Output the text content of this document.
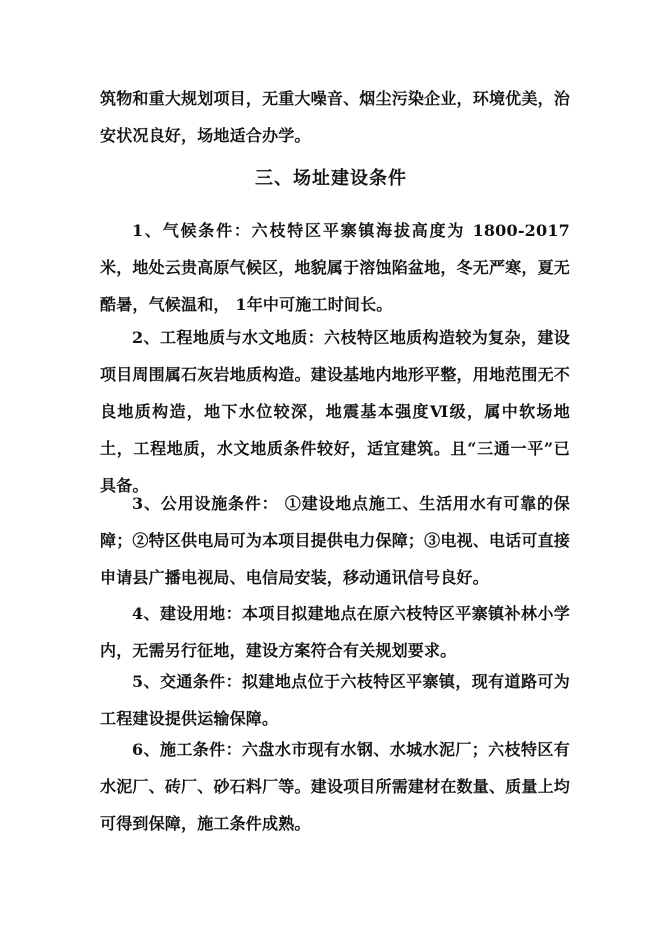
筑物和重大规划项目，无重大噪音、烟尘污染企业，环境优美，治安状况良好，场地适合办学。

三、场址建设条件

1、气候条件：六枝特区平寨镇海拔高度为 1800-2017米，地处云贵高原气候区，地貌属于溶蚀陷盆地，冬无严寒，夏无酷暑，气候温和， 1年中可施工时间长。

2、工程地质与水文地质：六枝特区地质构造较为复杂，建设项目周围属石灰岩地质构造。建设基地内地形平整，用地范围无不良地质构造，地下水位较深，地震基本强度Ⅵ级，属中软场地土，工程地质，水文地质条件较好，适宜建筑。且“三通一平”已具备。

3、公用设施条件： ①建设地点施工、生活用水有可靠的保障；②特区供电局可为本项目提供电力保障；③电视、电话可直接申请县广播电视局、电信局安装，移动通讯信号良好。

4、建设用地：本项目拟建地点在原六枝特区平寨镇补林小学内，无需另行征地，建设方案符合有关规划要求。

5、交通条件：拟建地点位于六枝特区平寨镇，现有道路可为工程建设提供运输保障。

6、施工条件：六盘水市现有水钢、水城水泥厂；六枝特区有水泥厂、砖厂、砂石料厂等。建设项目所需建材在数量、质量上均可得到保障，施工条件成熟。
